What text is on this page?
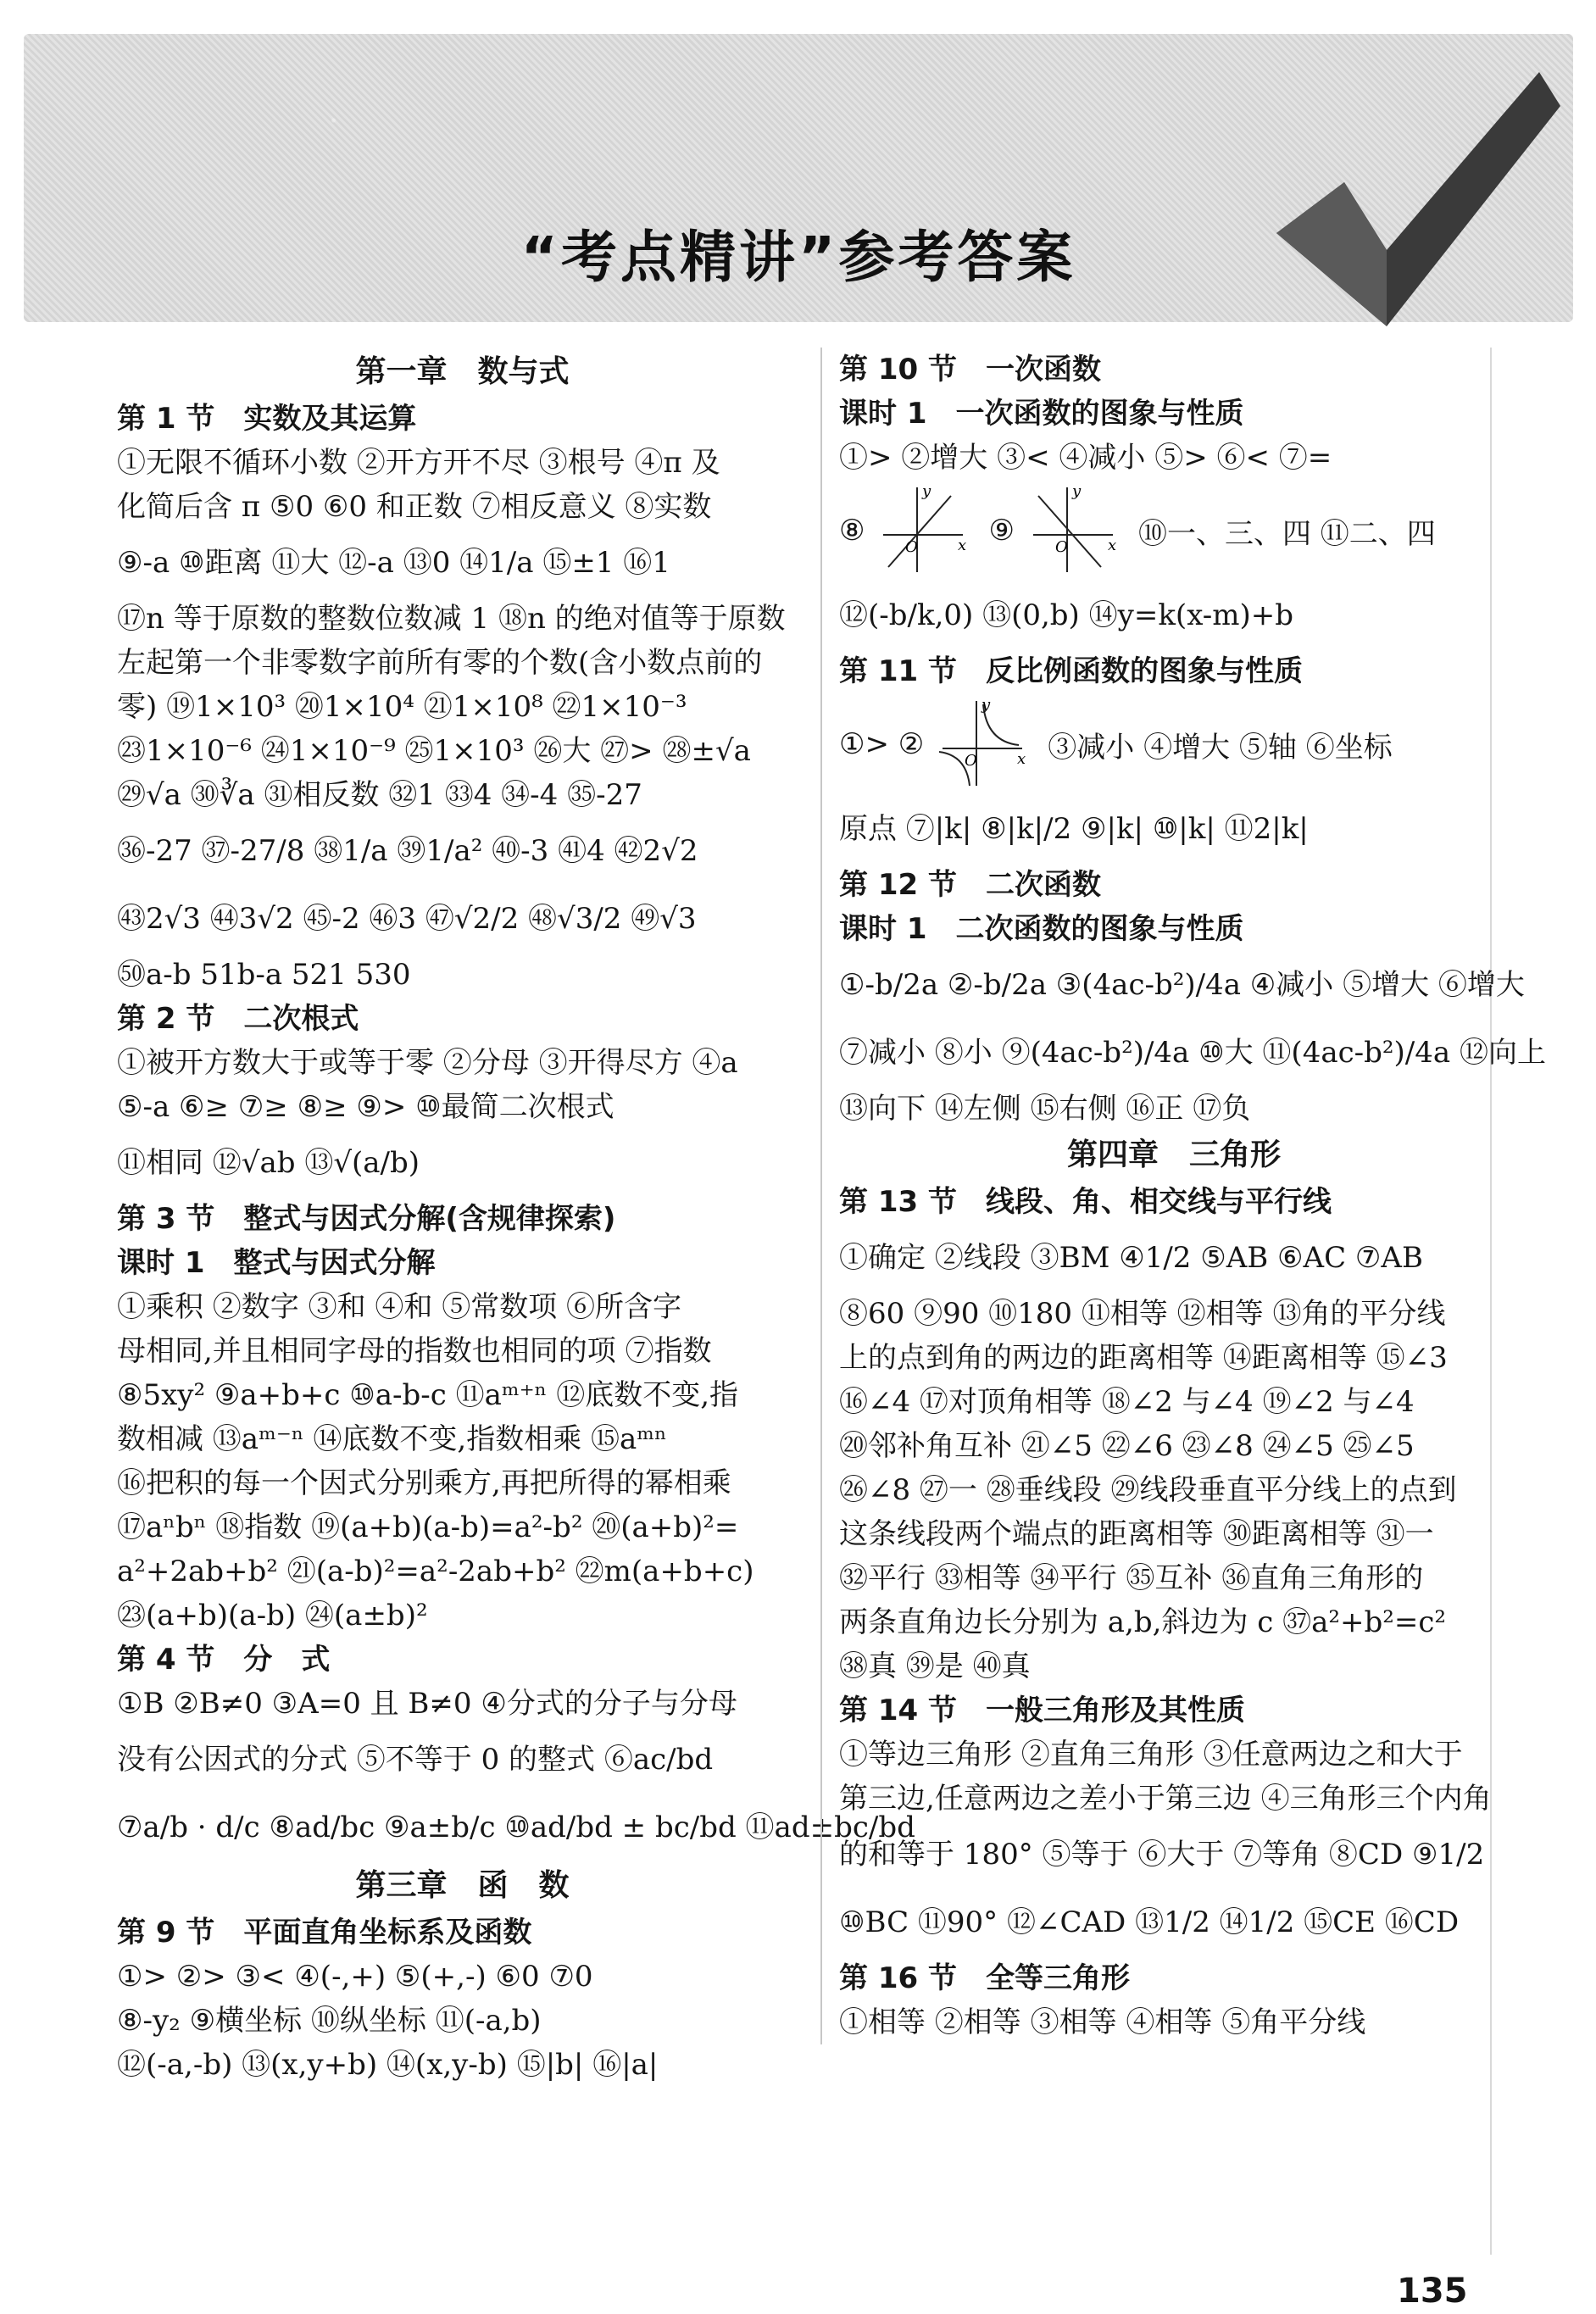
“考点精讲”参考答案
第一章　数与式
第 1 节　实数及其运算
①无限不循环小数 ②开方开不尽 ③根号 ④π 及
化简后含 π ⑤0 ⑥0 和正数 ⑦相反意义 ⑧实数
⑨-a ⑩距离 ⑪大 ⑫-a ⑬0 ⑭1/a ⑮±1 ⑯1
⑰n 等于原数的整数位数减 1 ⑱n 的绝对值等于原数
左起第一个非零数字前所有零的个数(含小数点前的
零) ⑲1×10³ ⑳1×10⁴ ㉑1×10⁸ ㉒1×10⁻³
㉓1×10⁻⁶ ㉔1×10⁻⁹ ㉕1×10³ ㉖大 ㉗> ㉘±√a
㉙√a ㉚∛a ㉛相反数 ㉜1 ㉝4 ㉞-4 ㉟-27
㊱-27 ㊲-27/8 ㊳1/a ㊴1/a² ㊵-3 ㊶4 ㊷2√2
㊸2√3 ㊹3√2 ㊺-2 ㊻3 ㊼√2/2 ㊽√3/2 ㊾√3
㊿a-b 51b-a 521 530
第 2 节　二次根式
①被开方数大于或等于零 ②分母 ③开得尽方 ④a
⑤-a ⑥≥ ⑦≥ ⑧≥ ⑨> ⑩最简二次根式
⑪相同 ⑫√ab ⑬√(a/b)
第 3 节　整式与因式分解(含规律探索)
课时 1　整式与因式分解
①乘积 ②数字 ③和 ④和 ⑤常数项 ⑥所含字
母相同,并且相同字母的指数也相同的项 ⑦指数
⑧5xy² ⑨a+b+c ⑩a-b-c ⑪aᵐ⁺ⁿ ⑫底数不变,指
数相减 ⑬aᵐ⁻ⁿ ⑭底数不变,指数相乘 ⑮aᵐⁿ
⑯把积的每一个因式分别乘方,再把所得的幂相乘
⑰aⁿbⁿ ⑱指数 ⑲(a+b)(a-b)=a²-b² ⑳(a+b)²=
a²+2ab+b² ㉑(a-b)²=a²-2ab+b² ㉒m(a+b+c)
㉓(a+b)(a-b) ㉔(a±b)²
第 4 节　分　式
①B ②B≠0 ③A=0 且 B≠0 ④分式的分子与分母
没有公因式的分式 ⑤不等于 0 的整式 ⑥ac/bd
⑦a/b · d/c ⑧ad/bc ⑨a±b/c ⑩ad/bd ± bc/bd ⑪ad±bc/bd
第三章　函　数
第 9 节　平面直角坐标系及函数
①> ②> ③< ④(-,+) ⑤(+,-) ⑥0 ⑦0
⑧-y₂ ⑨横坐标 ⑩纵坐标 ⑪(-a,b)
⑫(-a,-b) ⑬(x,y+b) ⑭(x,y-b) ⑮|b| ⑯|a|
第 10 节　一次函数
课时 1　一次函数的图象与性质
①> ②增大 ③< ④减小 ⑤> ⑥< ⑦=
⑧	x
y
O ⑨	x
y
O ⑩一、三、四 ⑪二、四
⑫(-b/k,0) ⑬(0,b) ⑭y=k(x-m)+b
第 11 节　反比例函数的图象与性质
①> ②	x
y
O ③减小 ④增大 ⑤轴 ⑥坐标
原点 ⑦|k| ⑧|k|/2 ⑨|k| ⑩|k| ⑪2|k|
第 12 节　二次函数
课时 1　二次函数的图象与性质
①-b/2a ②-b/2a ③(4ac-b²)/4a ④减小 ⑤增大 ⑥增大
⑦减小 ⑧小 ⑨(4ac-b²)/4a ⑩大 ⑪(4ac-b²)/4a ⑫向上
⑬向下 ⑭左侧 ⑮右侧 ⑯正 ⑰负
第四章　三角形
第 13 节　线段、角、相交线与平行线
①确定 ②线段 ③BM ④1/2 ⑤AB ⑥AC ⑦AB
⑧60 ⑨90 ⑩180 ⑪相等 ⑫相等 ⑬角的平分线
上的点到角的两边的距离相等 ⑭距离相等 ⑮∠3
⑯∠4 ⑰对顶角相等 ⑱∠2 与∠4 ⑲∠2 与∠4
⑳邻补角互补 ㉑∠5 ㉒∠6 ㉓∠8 ㉔∠5 ㉕∠5
㉖∠8 ㉗一 ㉘垂线段 ㉙线段垂直平分线上的点到
这条线段两个端点的距离相等 ㉚距离相等 ㉛一
㉜平行 ㉝相等 ㉞平行 ㉟互补 ㊱直角三角形的
两条直角边长分别为 a,b,斜边为 c ㊲a²+b²=c²
㊳真 ㊴是 ㊵真
第 14 节　一般三角形及其性质
①等边三角形 ②直角三角形 ③任意两边之和大于
第三边,任意两边之差小于第三边 ④三角形三个内角
的和等于 180° ⑤等于 ⑥大于 ⑦等角 ⑧CD ⑨1/2
⑩BC ⑪90° ⑫∠CAD ⑬1/2 ⑭1/2 ⑮CE ⑯CD
第 16 节　全等三角形
①相等 ②相等 ③相等 ④相等 ⑤角平分线
135
